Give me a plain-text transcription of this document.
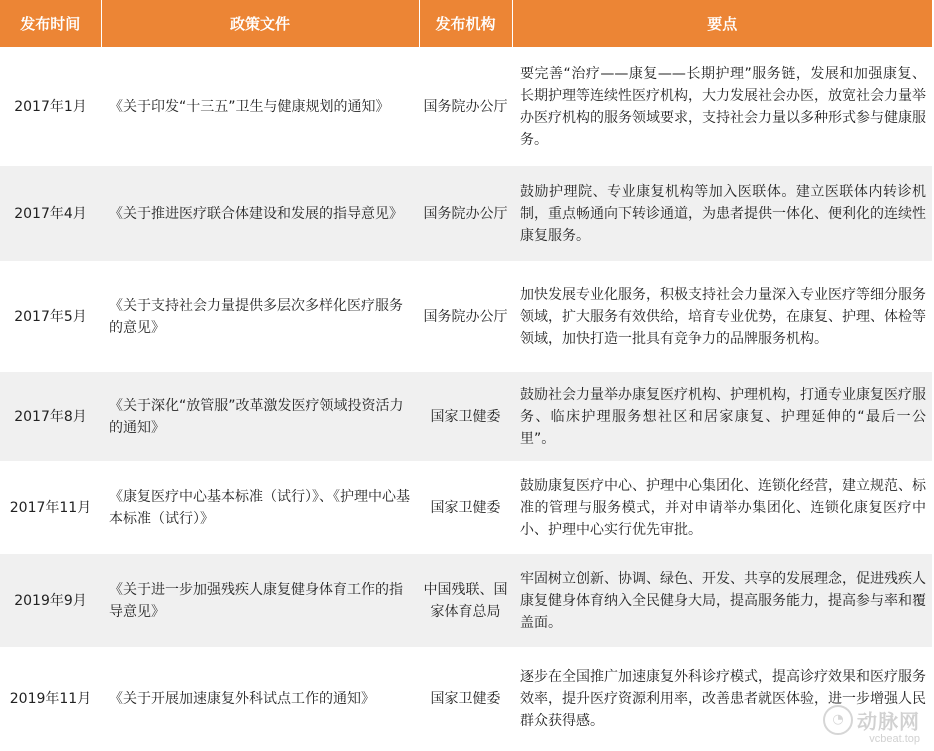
发布时间	政策文件	发布机构	要点
2017年1月	《关于印发“十三五”卫生与健康规划的通知》	国务院办公厅	要完善“治疗——康复——长期护理”服务链，发展和加强康复、长期护理等连续性医疗机构，大力发展社会办医，放宽社会力量举办医疗机构的服务领域要求，支持社会力量以多种形式参与健康服务。
2017年4月	《关于推进医疗联合体建设和发展的指导意见》	国务院办公厅	鼓励护理院、专业康复机构等加入医联体。建立医联体内转诊机制，重点畅通向下转诊通道，为患者提供一体化、便利化的连续性康复服务。
2017年5月	《关于支持社会力量提供多层次多样化医疗服务的意见》	国务院办公厅	加快发展专业化服务，积极支持社会力量深入专业医疗等细分服务领域，扩大服务有效供给，培育专业优势，在康复、护理、体检等领域，加快打造一批具有竞争力的品牌服务机构。
2017年8月	《关于深化“放管服”改革激发医疗领域投资活力的通知》	国家卫健委	鼓励社会力量举办康复医疗机构、护理机构，打通专业康复医疗服务、临床护理服务想社区和居家康复、护理延伸的“最后一公里”。
2017年11月	《康复医疗中心基本标准（试行）》、《护理中心基本标准（试行）》	国家卫健委	鼓励康复医疗中心、护理中心集团化、连锁化经营，建立规范、标准的管理与服务模式，并对申请举办集团化、连锁化康复医疗中小、护理中心实行优先审批。
2019年9月	《关于进一步加强残疾人康复健身体育工作的指导意见》	中国残联、国家体育总局	牢固树立创新、协调、绿色、开发、共享的发展理念，促进残疾人康复健身体育纳入全民健身大局，提高服务能力，提高参与率和覆盖面。
2019年11月	《关于开展加速康复外科试点工作的通知》	国家卫健委	逐步在全国推广加速康复外科诊疗模式，提高诊疗效果和医疗服务效率，提升医疗资源利用率，改善患者就医体验，进一步增强人民群众获得感。	◔ 动脉网
vcbeat.top
